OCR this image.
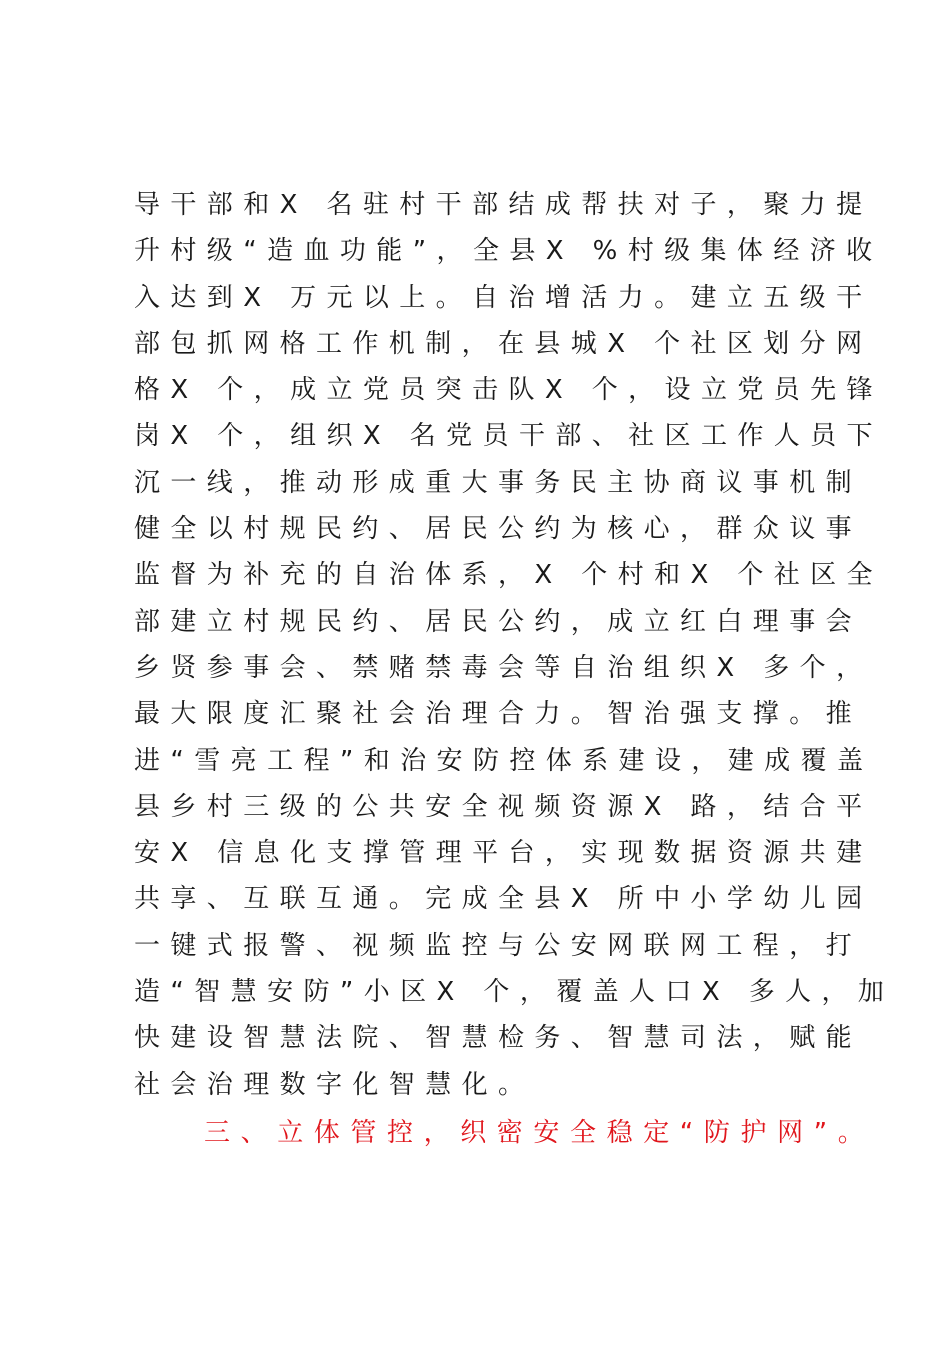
导干部和X 名驻村干部结成帮扶对子，聚力提
升村级“造血功能”，全县X %村级集体经济收
入达到X 万元以上。自治增活力。建立五级干
部包抓网格工作机制，在县城X 个社区划分网
格X 个，成立党员突击队X 个，设立党员先锋
岗X 个，组织X 名党员干部、社区工作人员下
沉一线，推动形成重大事务民主协商议事机制
健全以村规民约、居民公约为核心，群众议事
监督为补充的自治体系，X 个村和X 个社区全
部建立村规民约、居民公约，成立红白理事会
乡贤参事会、禁赌禁毒会等自治组织X 多个，
最大限度汇聚社会治理合力。智治强支撑。推
进“雪亮工程”和治安防控体系建设，建成覆盖
县乡村三级的公共安全视频资源X 路，结合平
安X 信息化支撑管理平台，实现数据资源共建
共享、互联互通。完成全县X 所中小学幼儿园
一键式报警、视频监控与公安网联网工程，打
造“智慧安防”小区X 个，覆盖人口X 多人，加
快建设智慧法院、智慧检务、智慧司法，赋能
社会治理数字化智慧化。
三、立体管控，织密安全稳定“防护网”。
